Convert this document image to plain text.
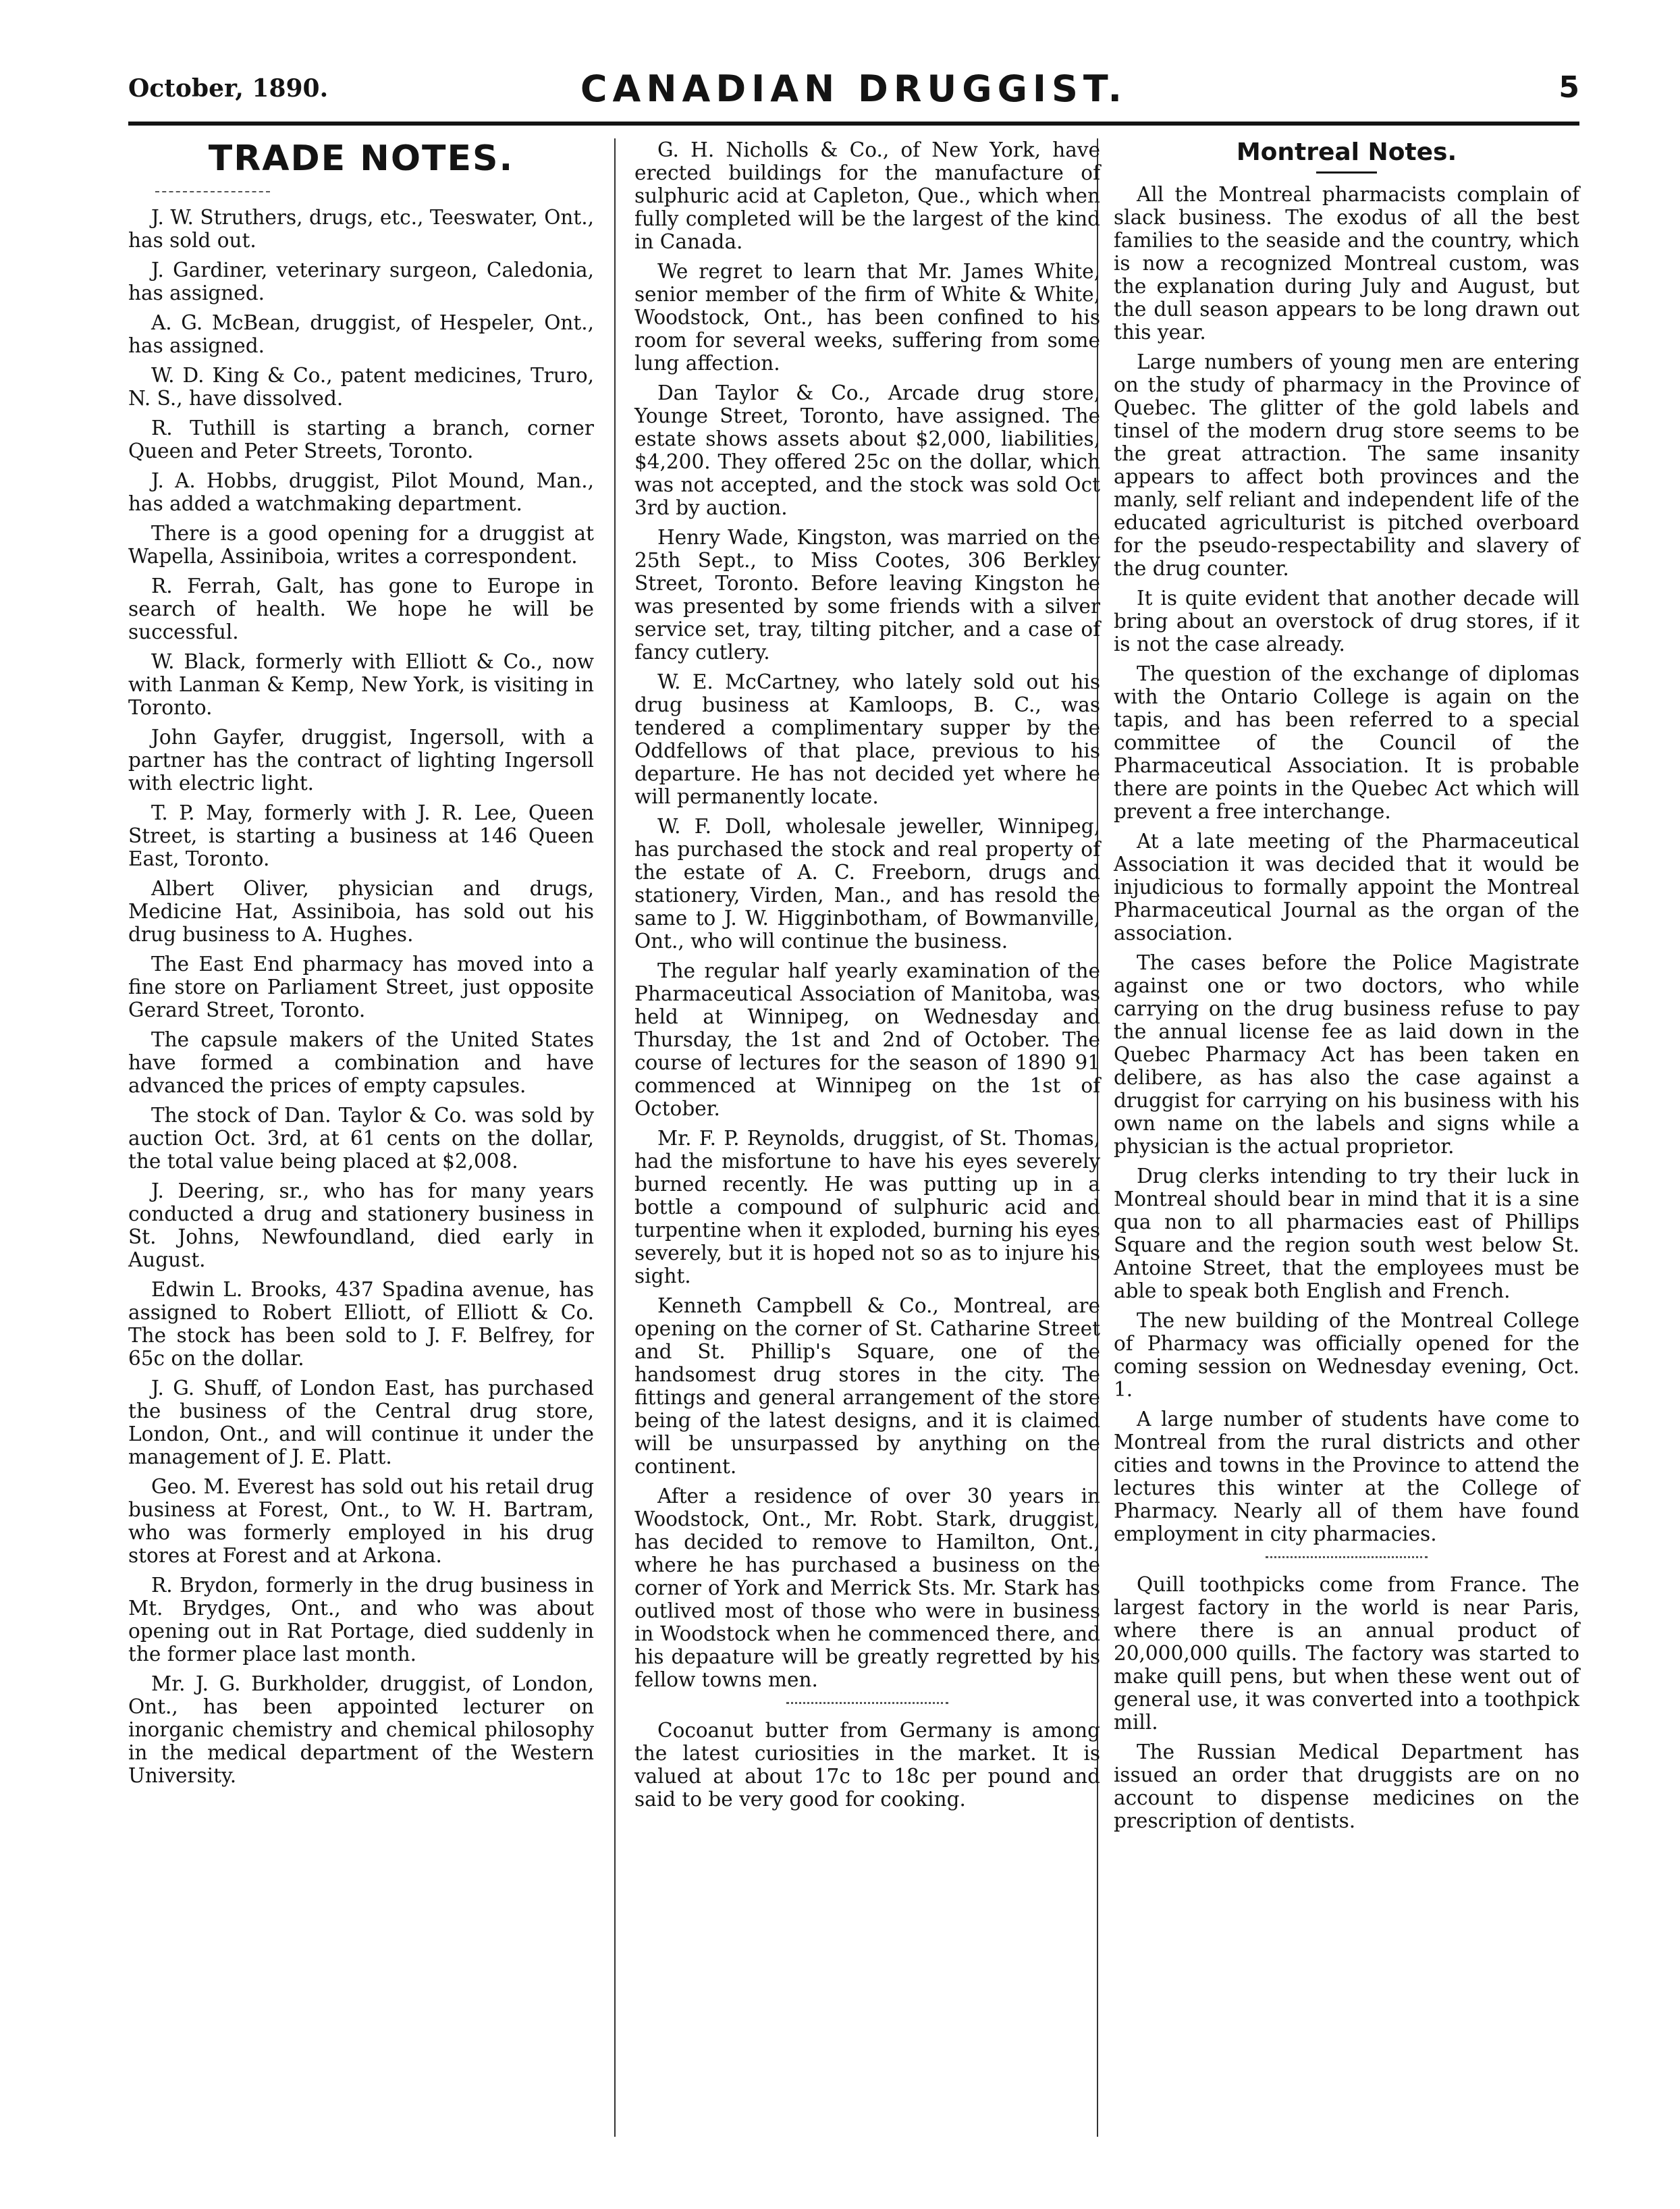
October, 1890.	CANADIAN DRUGGIST.	5
TRADE NOTES.

J. W. Struthers, drugs, etc., Teeswater, Ont., has sold out.

J. Gardiner, veterinary surgeon, Caledonia, has assigned.

A. G. McBean, druggist, of Hespeler, Ont., has assigned.

W. D. King & Co., patent medicines, Truro, N. S., have dissolved.

R. Tuthill is starting a branch, corner Queen and Peter Streets, Toronto.

J. A. Hobbs, druggist, Pilot Mound, Man., has added a watchmaking department.

There is a good opening for a druggist at Wapella, Assiniboia, writes a correspondent.

R. Ferrah, Galt, has gone to Europe in search of health. We hope he will be successful.

W. Black, formerly with Elliott & Co., now with Lanman & Kemp, New York, is visiting in Toronto.

John Gayfer, druggist, Ingersoll, with a partner has the contract of lighting Ingersoll with electric light.

T. P. May, formerly with J. R. Lee, Queen Street, is starting a business at 146 Queen East, Toronto.

Albert Oliver, physician and drugs, Medicine Hat, Assiniboia, has sold out his drug business to A. Hughes.

The East End pharmacy has moved into a fine store on Parliament Street, just opposite Gerard Street, Toronto.

The capsule makers of the United States have formed a combination and have advanced the prices of empty capsules.

The stock of Dan. Taylor & Co. was sold by auction Oct. 3rd, at 61 cents on the dollar, the total value being placed at $2,008.

J. Deering, sr., who has for many years conducted a drug and stationery business in St. Johns, Newfoundland, died early in August.

Edwin L. Brooks, 437 Spadina avenue, has assigned to Robert Elliott, of Elliott & Co. The stock has been sold to J. F. Belfrey, for 65c on the dollar.

J. G. Shuff, of London East, has purchased the business of the Central drug store, London, Ont., and will continue it under the management of J. E. Platt.

Geo. M. Everest has sold out his retail drug business at Forest, Ont., to W. H. Bartram, who was formerly employed in his drug stores at Forest and at Arkona.

R. Brydon, formerly in the drug business in Mt. Brydges, Ont., and who was about opening out in Rat Portage, died suddenly in the former place last month.

Mr. J. G. Burkholder, druggist, of London, Ont., has been appointed lecturer on inorganic chemistry and chemical philosophy in the medical department of the Western University.

G. H. Nicholls & Co., of New York, have erected buildings for the manufacture of sulphuric acid at Capleton, Que., which when fully completed will be the largest of the kind in Canada.

We regret to learn that Mr. James White, senior member of the firm of White & White, Woodstock, Ont., has been confined to his room for several weeks, suffering from some lung affection.

Dan Taylor & Co., Arcade drug store, Younge Street, Toronto, have assigned. The estate shows assets about $2,000, liabilities, $4,200. They offered 25c on the dollar, which was not accepted, and the stock was sold Oct 3rd by auction.

Henry Wade, Kingston, was married on the 25th Sept., to Miss Cootes, 306 Berkley Street, Toronto. Before leaving Kingston he was presented by some friends with a silver service set, tray, tilting pitcher, and a case of fancy cutlery.

W. E. McCartney, who lately sold out his drug business at Kamloops, B. C., was tendered a complimentary supper by the Oddfellows of that place, previous to his departure. He has not decided yet where he will permanently locate.

W. F. Doll, wholesale jeweller, Winnipeg, has purchased the stock and real property of the estate of A. C. Freeborn, drugs and stationery, Virden, Man., and has resold the same to J. W. Higginbotham, of Bowmanville, Ont., who will continue the business.

The regular half yearly examination of the Pharmaceutical Association of Manitoba, was held at Winnipeg, on Wednesday and Thursday, the 1st and 2nd of October. The course of lectures for the season of 1890 91 commenced at Winnipeg on the 1st of October.

Mr. F. P. Reynolds, druggist, of St. Thomas, had the misfortune to have his eyes severely burned recently. He was putting up in a bottle a compound of sulphuric acid and turpentine when it exploded, burning his eyes severely, but it is hoped not so as to injure his sight.

Kenneth Campbell & Co., Montreal, are opening on the corner of St. Catharine Street and St. Phillip's Square, one of the handsomest drug stores in the city. The fittings and general arrangement of the store being of the latest designs, and it is claimed will be unsurpassed by anything on the continent.

After a residence of over 30 years in Woodstock, Ont., Mr. Robt. Stark, druggist, has decided to remove to Hamilton, Ont., where he has purchased a business on the corner of York and Merrick Sts. Mr. Stark has outlived most of those who were in business in Woodstock when he commenced there, and his depaature will be greatly regretted by his fellow towns men.

Cocoanut butter from Germany is among the latest curiosities in the market. It is valued at about 17c to 18c per pound and said to be very good for cooking.

Montreal Notes.

All the Montreal pharmacists complain of slack business. The exodus of all the best families to the seaside and the country, which is now a recognized Montreal custom, was the explanation during July and August, but the dull season appears to be long drawn out this year.

Large numbers of young men are entering on the study of pharmacy in the Province of Quebec. The glitter of the gold labels and tinsel of the modern drug store seems to be the great attraction. The same insanity appears to affect both provinces and the manly, self reliant and independent life of the educated agriculturist is pitched overboard for the pseudo-respectability and slavery of the drug counter.

It is quite evident that another decade will bring about an overstock of drug stores, if it is not the case already.

The question of the exchange of diplomas with the Ontario College is again on the tapis, and has been referred to a special committee of the Council of the Pharmaceutical Association. It is probable there are points in the Quebec Act which will prevent a free interchange.

At a late meeting of the Pharmaceutical Association it was decided that it would be injudicious to formally appoint the Montreal Pharmaceutical Journal as the organ of the association.

The cases before the Police Magistrate against one or two doctors, who while carrying on the drug business refuse to pay the annual license fee as laid down in the Quebec Pharmacy Act has been taken en delibere, as has also the case against a druggist for carrying on his business with his own name on the labels and signs while a physician is the actual proprietor.

Drug clerks intending to try their luck in Montreal should bear in mind that it is a sine qua non to all pharmacies east of Phillips Square and the region south west below St. Antoine Street, that the employees must be able to speak both English and French.

The new building of the Montreal College of Pharmacy was officially opened for the coming session on Wednesday evening, Oct. 1.

A large number of students have come to Montreal from the rural districts and other cities and towns in the Province to attend the lectures this winter at the College of Pharmacy. Nearly all of them have found employment in city pharmacies.

Quill toothpicks come from France. The largest factory in the world is near Paris, where there is an annual product of 20,000,000 quills. The factory was started to make quill pens, but when these went out of general use, it was converted into a toothpick mill.

The Russian Medical Department has issued an order that druggists are on no account to dispense medicines on the prescription of dentists.
